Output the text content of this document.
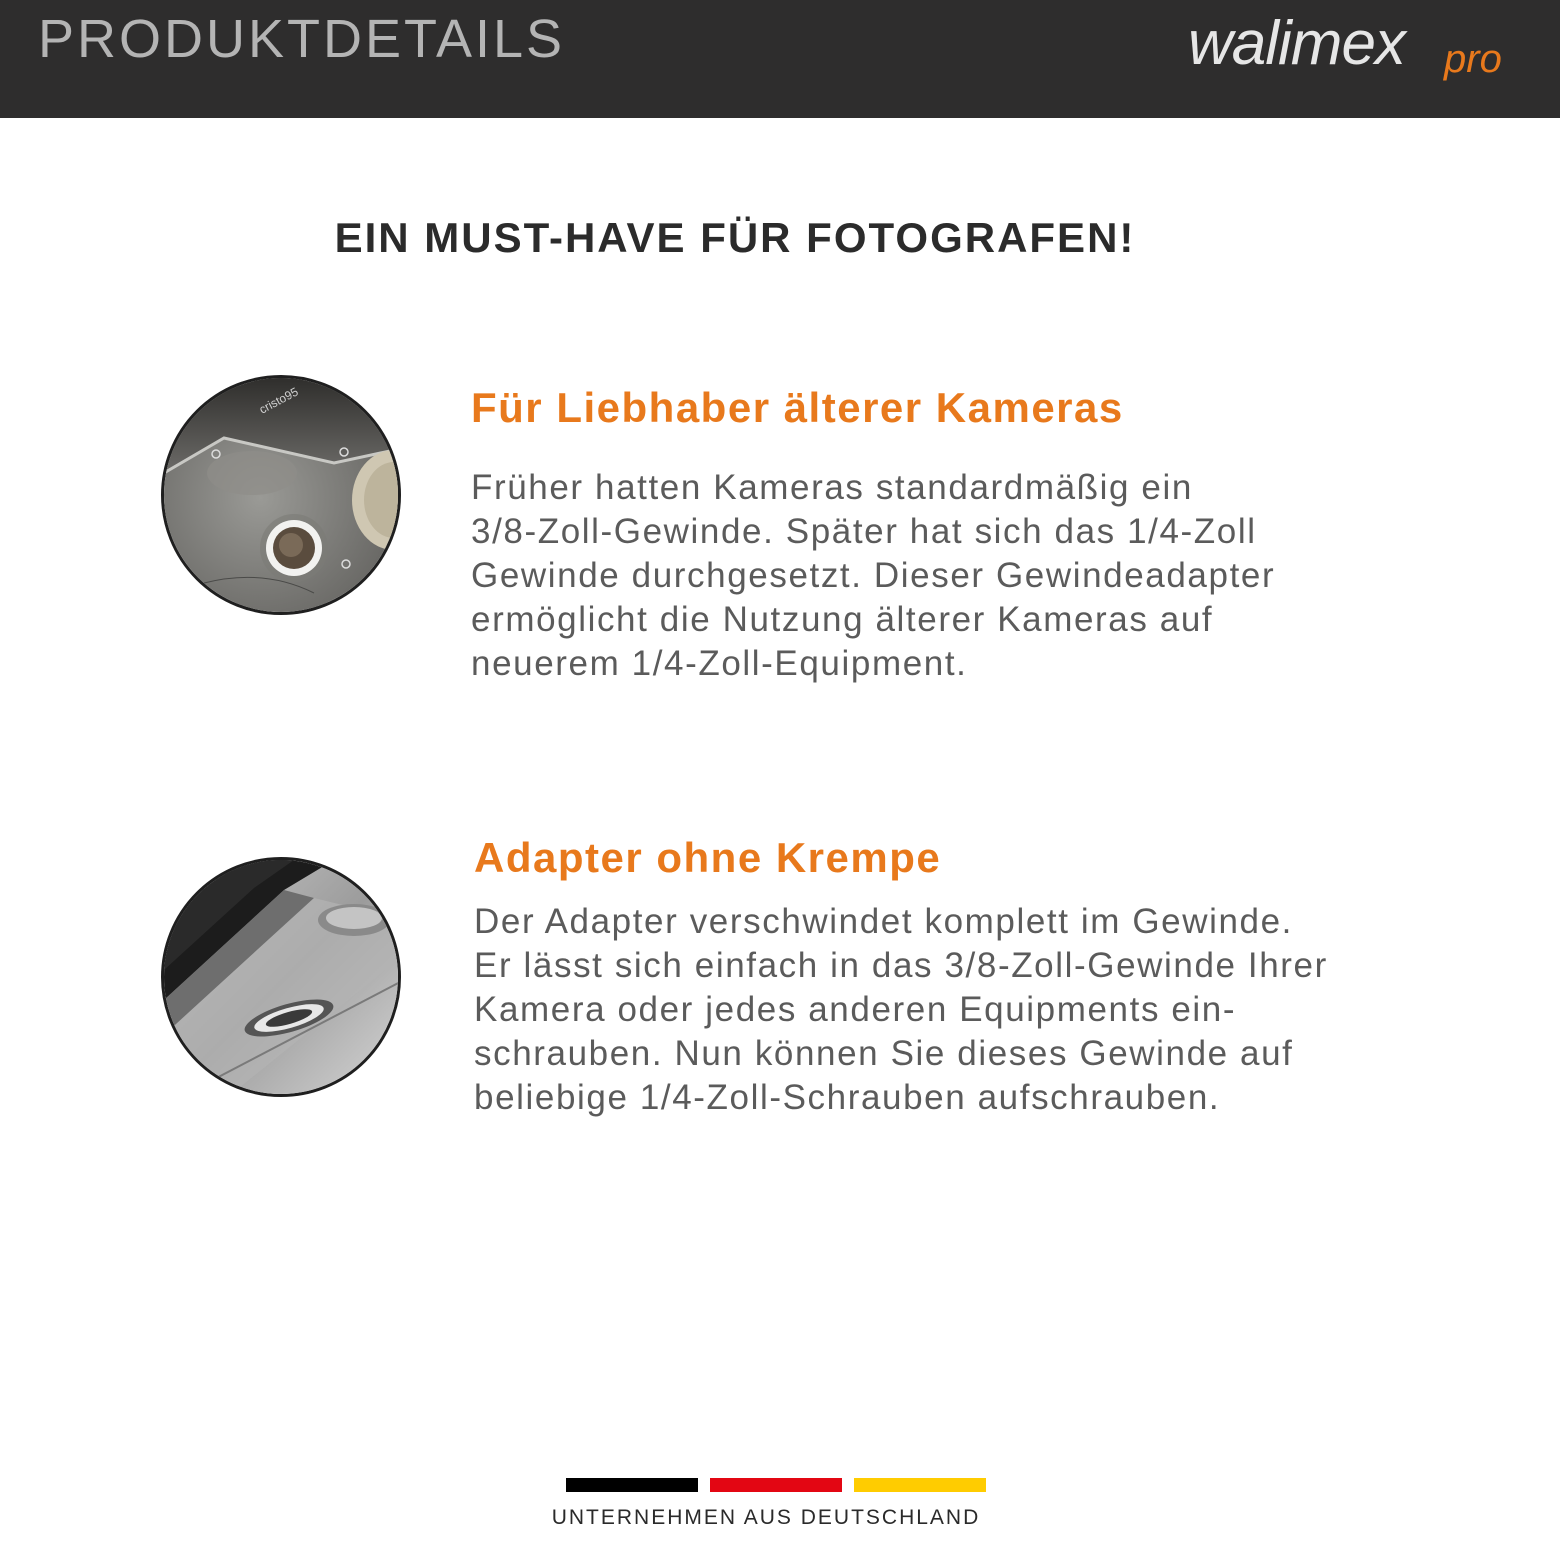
PRODUKTDETAILS	walimex pro
EIN MUST-HAVE FÜR FOTOGRAFEN!
cristo95	Für Liebhaber älterer Kameras
Früher hatten Kameras standardmäßig ein
3/8-Zoll-Gewinde. Später hat sich das 1/4-Zoll
Gewinde durchgesetzt. Dieser Gewindeadapter
ermöglicht die Nutzung älterer Kameras auf
neuerem 1/4-Zoll-Equipment.
Adapter ohne Krempe
Der Adapter verschwindet komplett im Gewinde.
Er lässt sich einfach in das 3/8-Zoll-Gewinde Ihrer
Kamera oder jedes anderen Equipments ein-
schrauben. Nun können Sie dieses Gewinde auf
beliebige 1/4-Zoll-Schrauben aufschrauben.
UNTERNEHMEN AUS DEUTSCHLAND
